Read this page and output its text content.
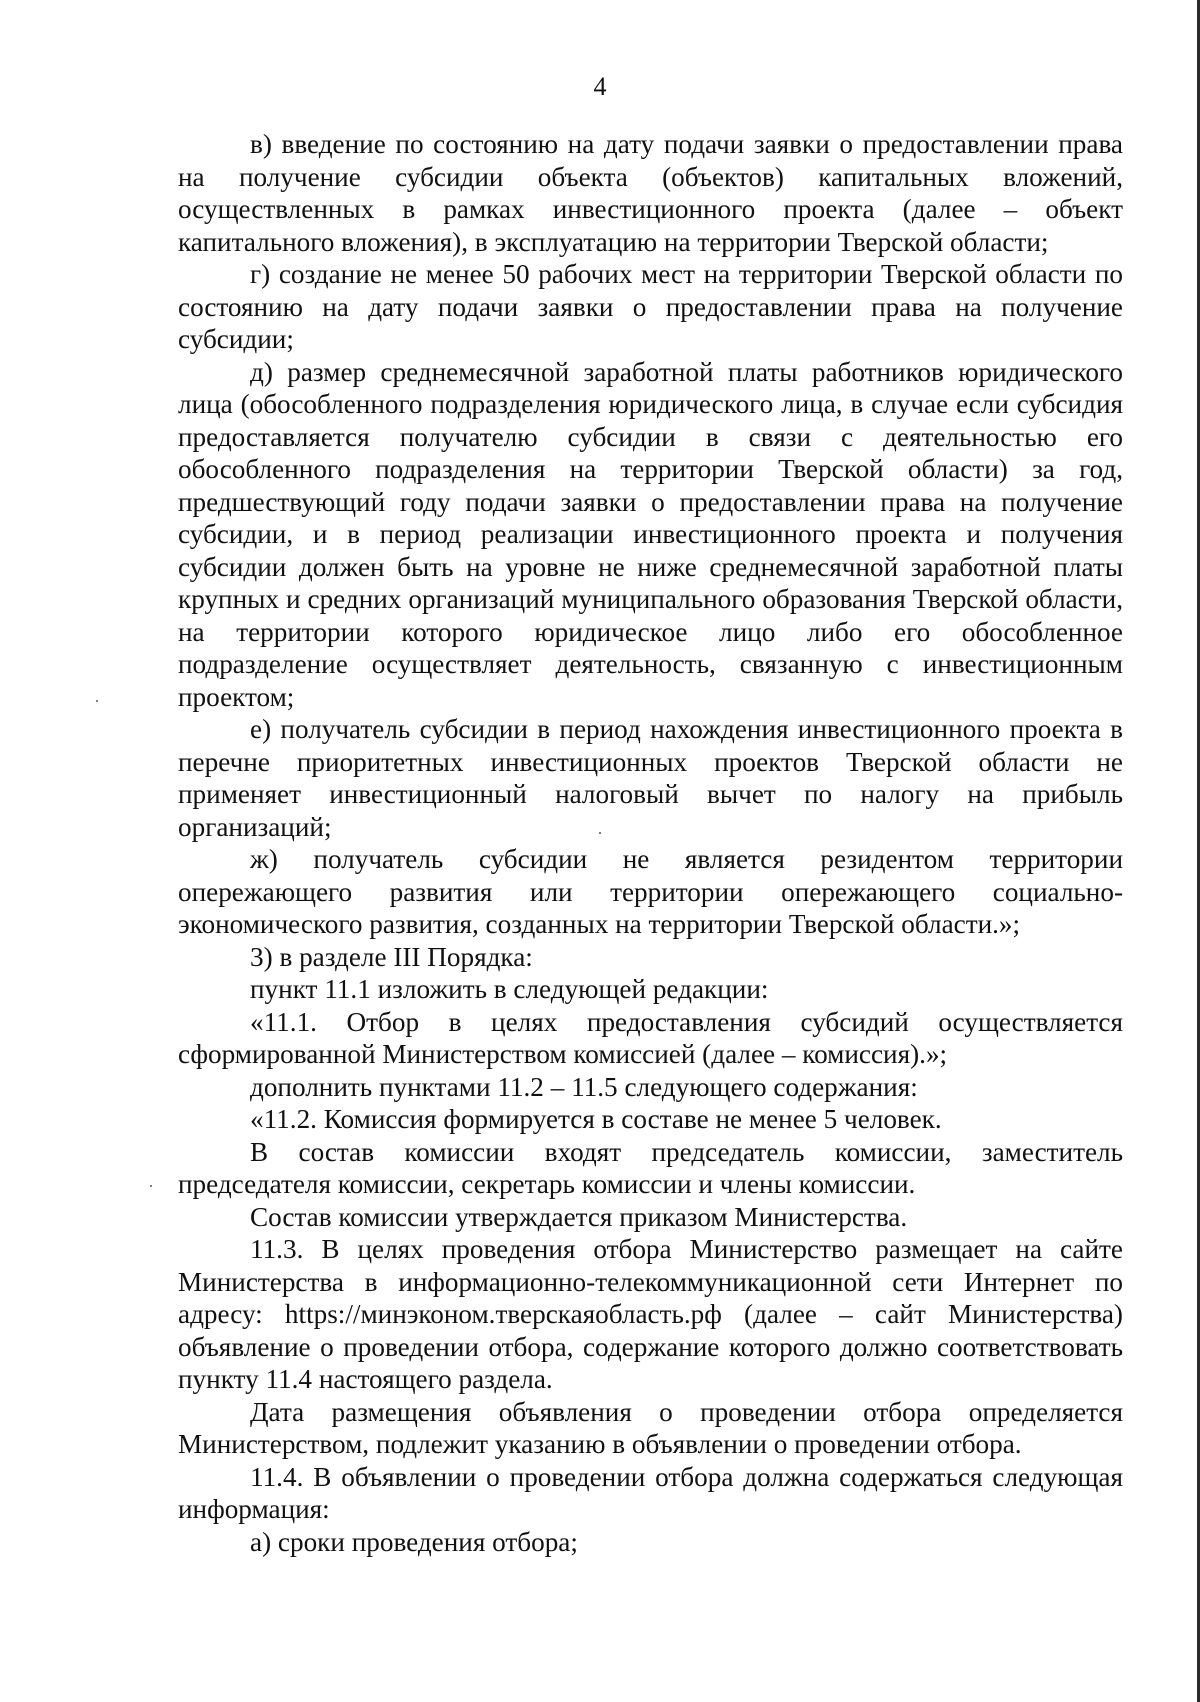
4

в) введение по состоянию на дату подачи заявки о предоставлении права на получение субсидии объекта (объектов) капитальных вложений, осуществленных в рамках инвестиционного проекта (далее – объект капитального вложения), в эксплуатацию на территории Тверской области;

г) создание не менее 50 рабочих мест на территории Тверской области по состоянию на дату подачи заявки о предоставлении права на получение субсидии;

д) размер среднемесячной заработной платы работников юридического лица (обособленного подразделения юридического лица, в случае если субсидия предоставляется получателю субсидии в связи с деятельностью его обособленного подразделения на территории Тверской области) за год, предшествующий году подачи заявки о предоставлении права на получение субсидии, и в период реализации инвестиционного проекта и получения субсидии должен быть на уровне не ниже среднемесячной заработной платы крупных и средних организаций муниципального образования Тверской области, на территории которого юридическое лицо либо его обособленное подразделение осуществляет деятельность, связанную с инвестиционным проектом;

е) получатель субсидии в период нахождения инвестиционного проекта в перечне приоритетных инвестиционных проектов Тверской области не применяет инвестиционный налоговый вычет по налогу на прибыль организаций;

ж) получатель субсидии не является резидентом территории опережающего развития или территории опережающего социально-экономического развития, созданных на территории Тверской области.»;

3) в разделе III Порядка:

пункт 11.1 изложить в следующей редакции:

«11.1. Отбор в целях предоставления субсидий осуществляется сформированной Министерством комиссией (далее – комиссия).»;

дополнить пунктами 11.2 – 11.5 следующего содержания:

«11.2. Комиссия формируется в составе не менее 5 человек.

В состав комиссии входят председатель комиссии, заместитель председателя комиссии, секретарь комиссии и члены комиссии.

Состав комиссии утверждается приказом Министерства.

11.3. В целях проведения отбора Министерство размещает на сайте Министерства в информационно-телекоммуникационной сети Интернет по адресу: https://минэконом.тверскаяобласть.рф (далее – сайт Министерства) объявление о проведении отбора, содержание которого должно соответствовать пункту 11.4 настоящего раздела.

Дата размещения объявления о проведении отбора определяется Министерством, подлежит указанию в объявлении о проведении отбора.

11.4. В объявлении о проведении отбора должна содержаться следующая информация:

а) сроки проведения отбора;
